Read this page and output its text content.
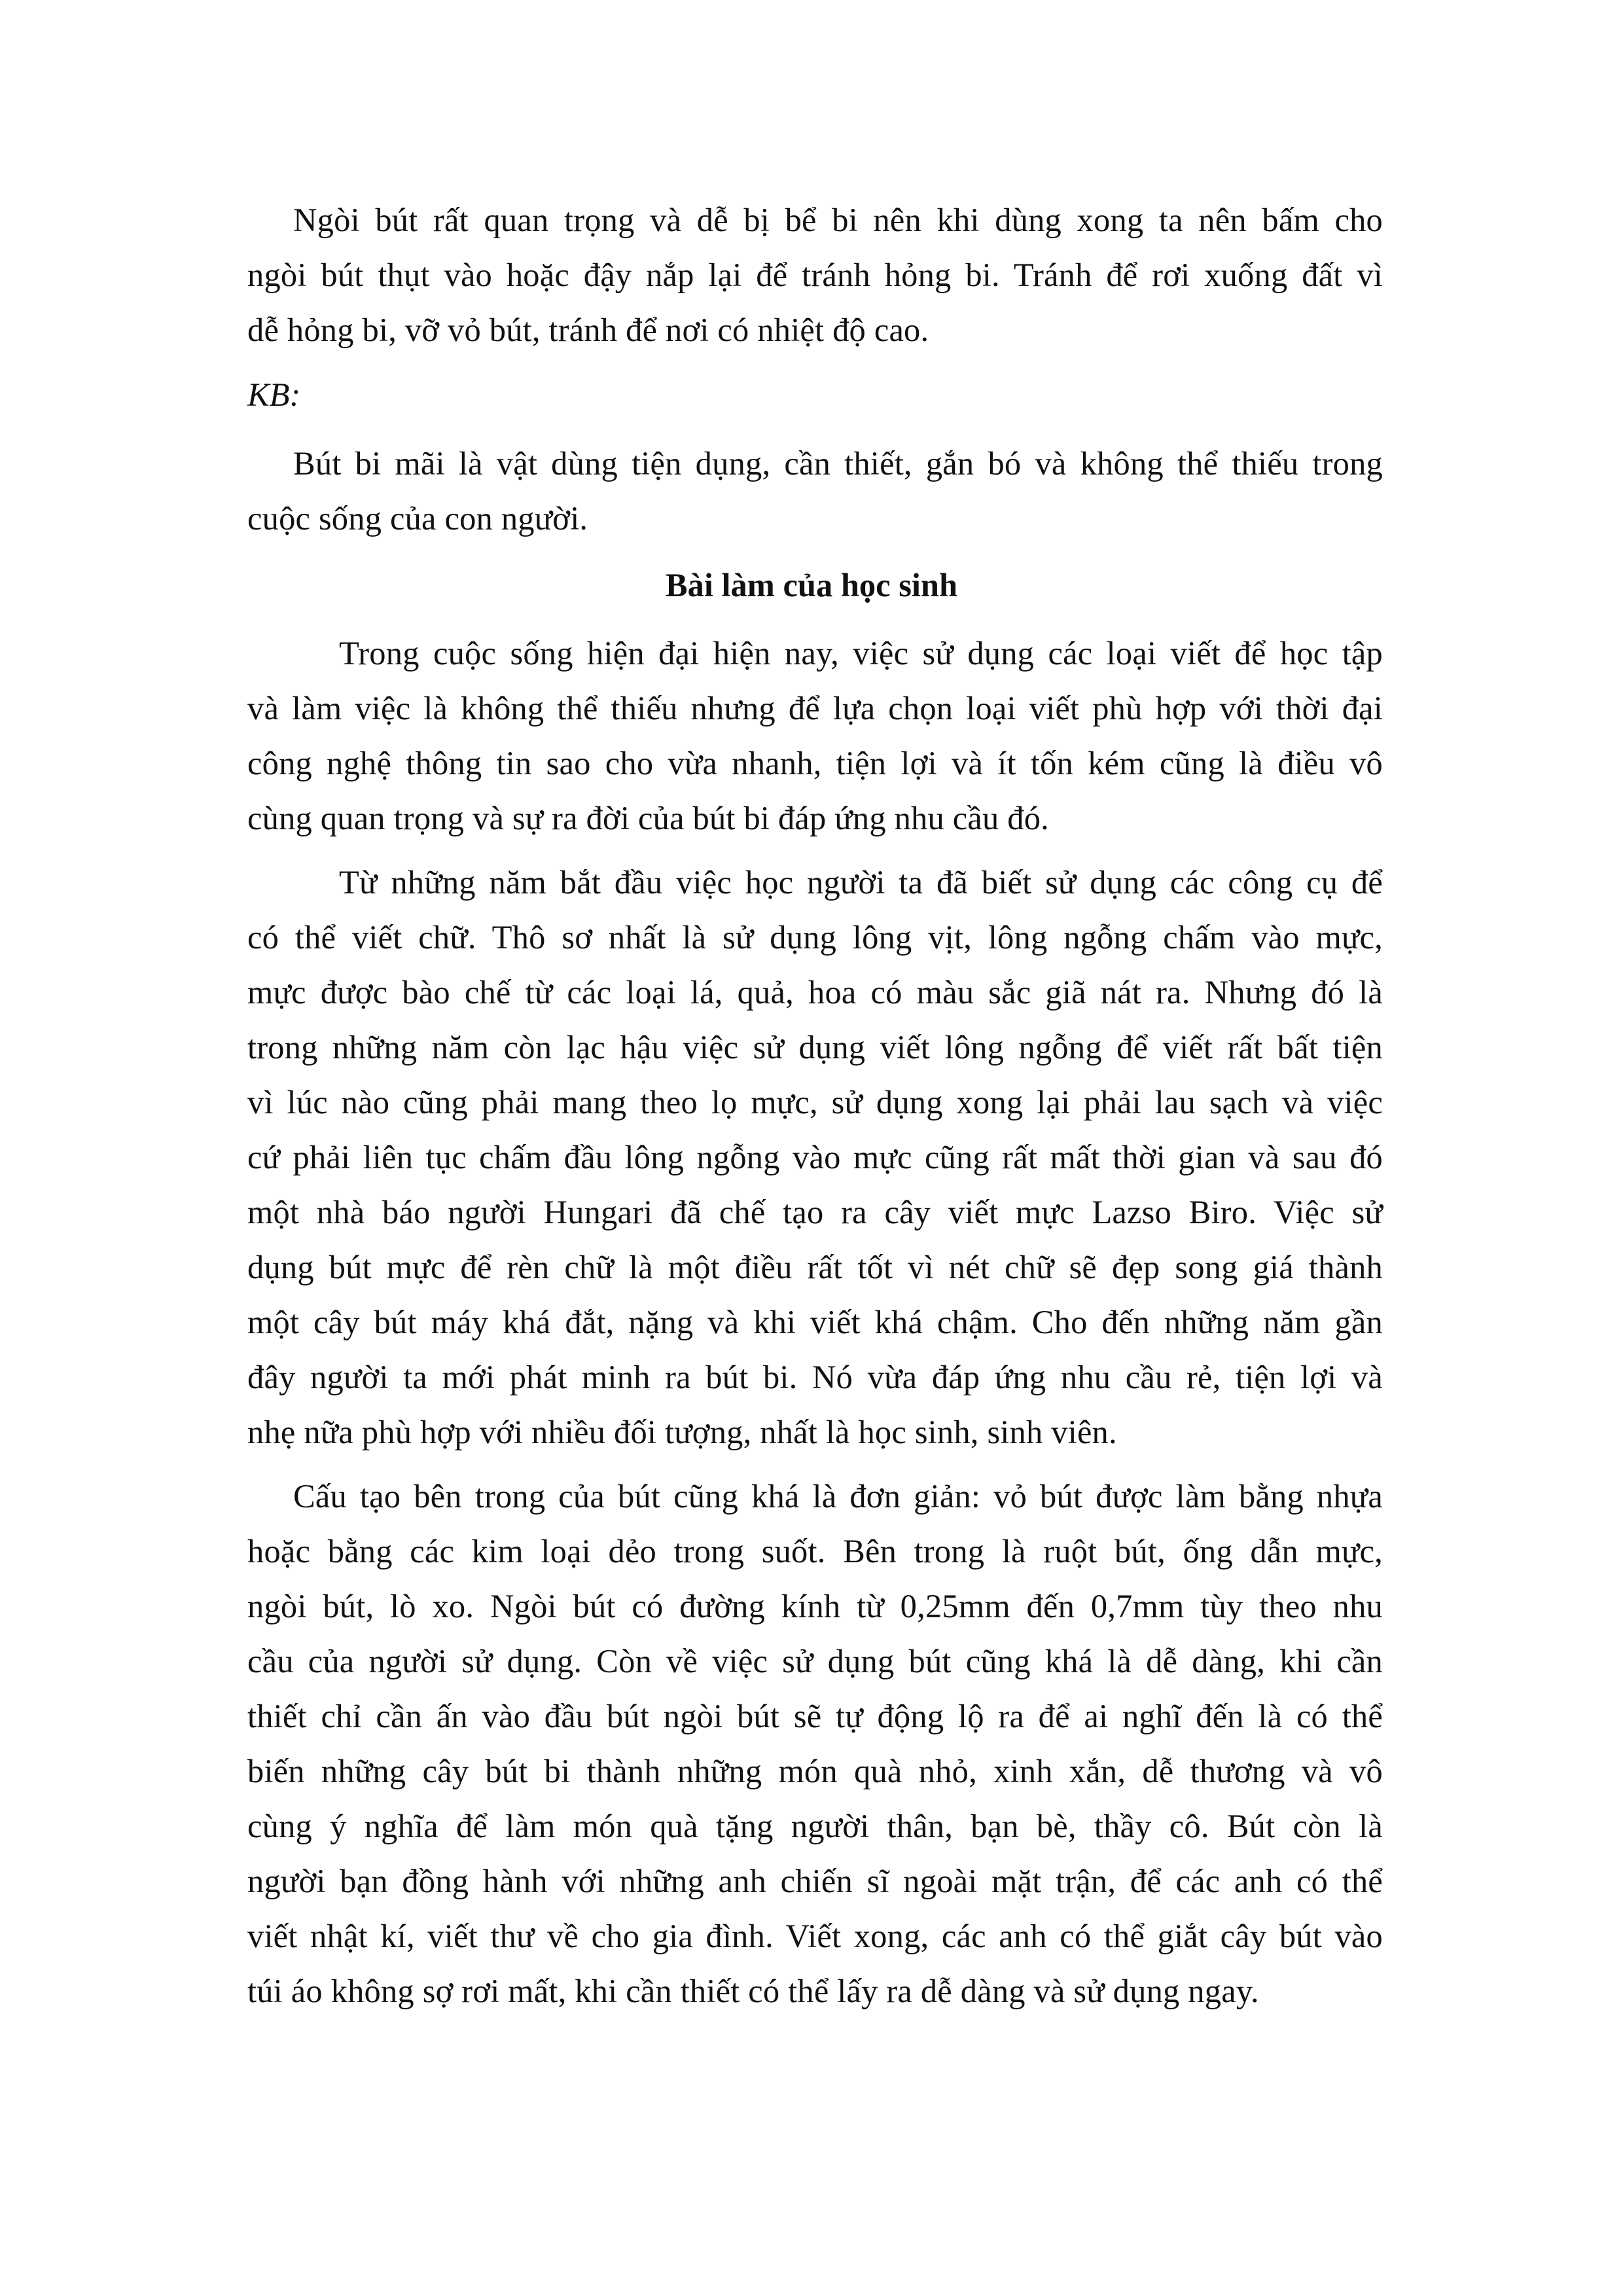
Ngòi bút rất quan trọng và dễ bị bể bi nên khi dùng xong ta nên bấm cho
ngòi bút thụt vào hoặc đậy nắp lại để tránh hỏng bi. Tránh để rơi xuống đất vì
dễ hỏng bi, vỡ vỏ bút, tránh để nơi có nhiệt độ cao.
KB:
Bút bi mãi là vật dùng tiện dụng, cần thiết, gắn bó và không thể thiếu trong
cuộc sống của con người.
Bài làm của học sinh
Trong cuộc sống hiện đại hiện nay, việc sử dụng các loại viết để học tập
và làm việc là không thể thiếu nhưng để lựa chọn loại viết phù hợp với thời đại
công nghệ thông tin sao cho vừa nhanh, tiện lợi và ít tốn kém cũng là điều vô
cùng quan trọng và sự ra đời của bút bi đáp ứng nhu cầu đó.
Từ những năm bắt đầu việc học người ta đã biết sử dụng các công cụ để
có thể viết chữ. Thô sơ nhất là sử dụng lông vịt, lông ngỗng chấm vào mực,
mực được bào chế từ các loại lá, quả, hoa có màu sắc giã nát ra. Nhưng đó là
trong những năm còn lạc hậu việc sử dụng viết lông ngỗng để viết rất bất tiện
vì lúc nào cũng phải mang theo lọ mực, sử dụng xong lại phải lau sạch và việc
cứ phải liên tục chấm đầu lông ngỗng vào mực cũng rất mất thời gian và sau đó
một nhà báo người Hungari đã chế tạo ra cây viết mực Lazso Biro. Việc sử
dụng bút mực để rèn chữ là một điều rất tốt vì nét chữ sẽ đẹp song giá thành
một cây bút máy khá đắt, nặng và khi viết khá chậm. Cho đến những năm gần
đây người ta mới phát minh ra bút bi. Nó vừa đáp ứng nhu cầu rẻ, tiện lợi và
nhẹ nữa phù hợp với nhiều đối tượng, nhất là học sinh, sinh viên.
Cấu tạo bên trong của bút cũng khá là đơn giản: vỏ bút được làm bằng nhựa
hoặc bằng các kim loại dẻo trong suốt. Bên trong là ruột bút, ống dẫn mực,
ngòi bút, lò xo. Ngòi bút có đường kính từ 0,25mm đến 0,7mm tùy theo nhu
cầu của người sử dụng. Còn về việc sử dụng bút cũng khá là dễ dàng, khi cần
thiết chỉ cần ấn vào đầu bút ngòi bút sẽ tự động lộ ra để ai nghĩ đến là có thể
biến những cây bút bi thành những món quà nhỏ, xinh xắn, dễ thương và vô
cùng ý nghĩa để làm món quà tặng người thân, bạn bè, thầy cô. Bút còn là
người bạn đồng hành với những anh chiến sĩ ngoài mặt trận, để các anh có thể
viết nhật kí, viết thư về cho gia đình. Viết xong, các anh có thể giắt cây bút vào
túi áo không sợ rơi mất, khi cần thiết có thể lấy ra dễ dàng và sử dụng ngay.
